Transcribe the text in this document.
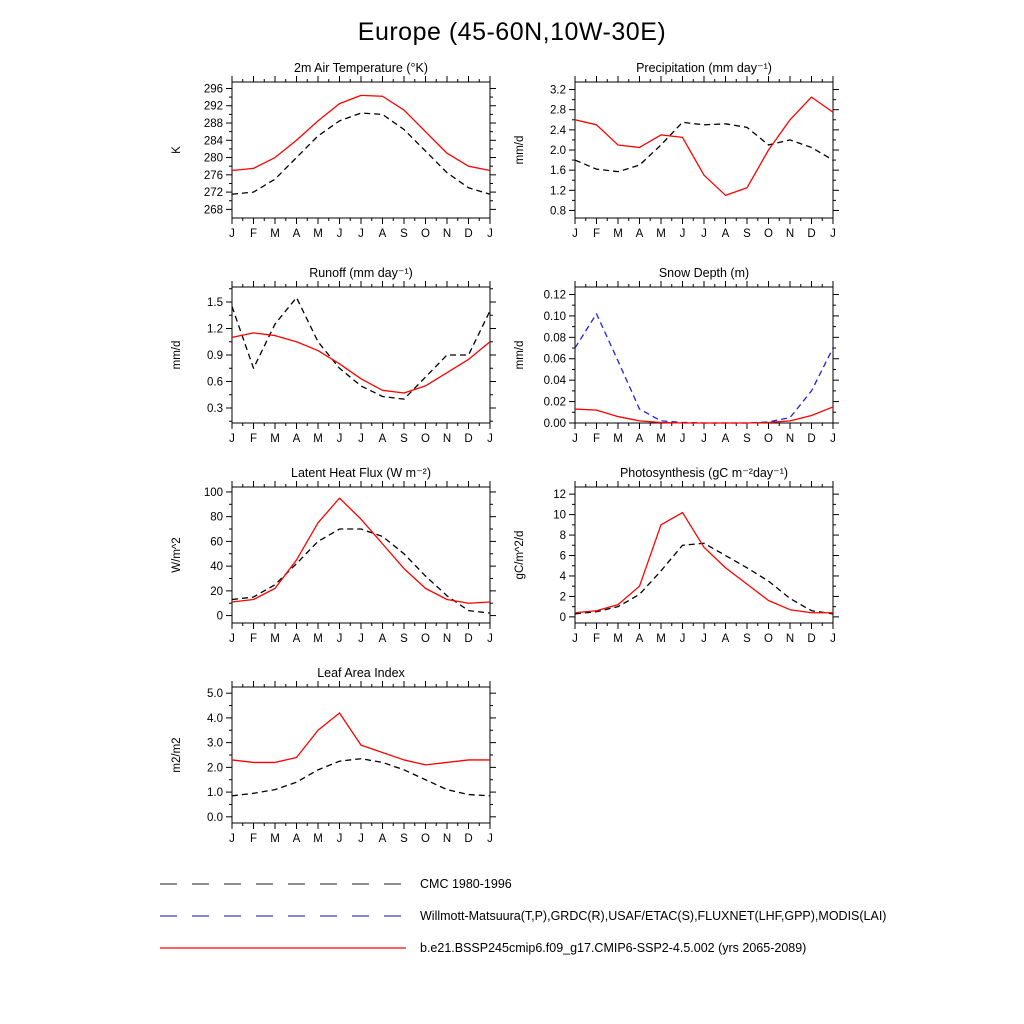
Europe (45-60N,10W-30E)
2m Air Temperature (°K)
K
268
272
276
280
284
288
292
296
J F M A M J J A S O N D J
Precipitation (mm day⁻¹)
mm/d
0.8
1.2
1.6
2.0
2.4
2.8
3.2
J F M A M J J A S O N D J
Runoff (mm day⁻¹)
mm/d
0.3
0.6
0.9
1.2
1.5
J F M A M J J A S O N D J
Snow Depth (m)
mm/d
0.00
0.02
0.04
0.06
0.08
0.10
0.12
J F M A M J J A S O N D J
Latent Heat Flux (W m⁻²)
W/m^2
0
20
40
60
80
100
J F M A M J J A S O N D J
Photosynthesis (gC m⁻²day⁻¹)
gC/m^2/d
0
2
4
6
8
10
12
J F M A M J J A S O N D J
Leaf Area Index
m2/m2
0.0
1.0
2.0
3.0
4.0
5.0
J F M A M J J A S O N D J
CMC 1980-1996
Willmott-Matsuura(T,P),GRDC(R),USAF/ETAC(S),FLUXNET(LHF,GPP),MODIS(LAI)
b.e21.BSSP245cmip6.f09_g17.CMIP6-SSP2-4.5.002 (yrs 2065-2089)
